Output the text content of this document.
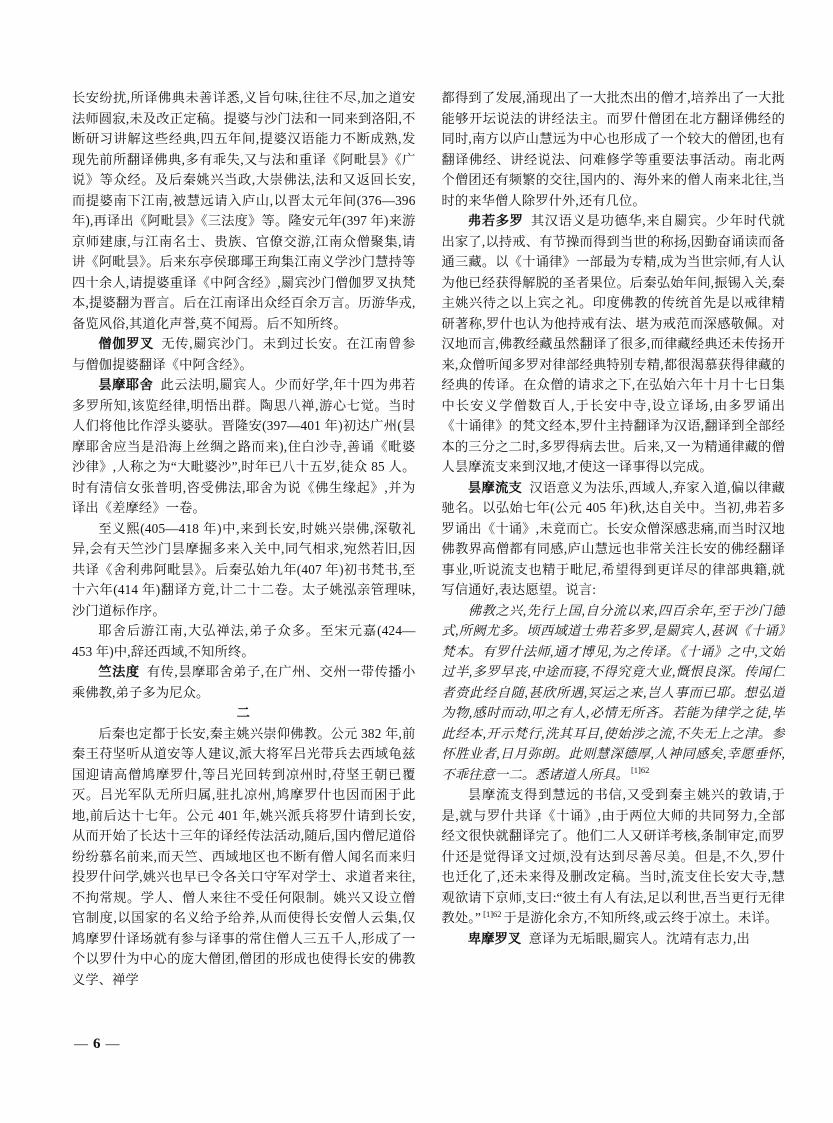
长安纷扰,所译佛典未善详悉,义旨句味,往往不尽,加之道安法师圆寂,未及改正定稿。提婆与沙门法和一同来到洛阳,不断研习讲解这些经典,四五年间,提婆汉语能力不断成熟,发现先前所翻译佛典,多有乖失,又与法和重译《阿毗昙》《广说》等众经。及后秦姚兴当政,大崇佛法,法和又返回长安,而提婆南下江南,被慧远请入庐山,以晋太元年间(376—396 年),再译出《阿毗昙》《三法度》等。隆安元年(397 年)来游京师建康,与江南名士、贵族、官僚交游,江南众僧聚集,请讲《阿毗昙》。后来东亭侯瑯瑘王珣集江南义学沙门慧持等四十余人,请提婆重译《中阿含经》,罽宾沙门僧伽罗叉执梵本,提婆翻为晋言。后在江南译出众经百余万言。历游华戎,备览风俗,其道化声誉,莫不闻焉。后不知所终。

僧伽罗叉 无传,罽宾沙门。未到过长安。在江南曾参与僧伽提婆翻译《中阿含经》。

昙摩耶舍 此云法明,罽宾人。少而好学,年十四为弗若多罗所知,该览经律,明悟出群。陶思八禅,游心七觉。当时人们将他比作浮头婆驮。晋隆安(397—401 年)初达广州(昙摩耶舍应当是沿海上丝绸之路而来),住白沙寺,善诵《毗婆沙律》,人称之为“大毗婆沙”,时年已八十五岁,徒众 85 人。时有清信女张普明,咨受佛法,耶舍为说《佛生缘起》,并为译出《差摩经》一卷。

至义熙(405—418 年)中,来到长安,时姚兴崇佛,深敬礼异,会有天竺沙门昙摩掘多来入关中,同气相求,宛然若旧,因共译《舍利弗阿毗昙》。后秦弘始九年(407 年)初书梵书,至十六年(414 年)翻译方竟,计二十二卷。太子姚泓亲管理味,沙门道标作序。

耶舍后游江南,大弘禅法,弟子众多。至宋元嘉(424—453 年)中,辞还西域,不知所终。

竺法度 有传,昙摩耶舍弟子,在广州、交州一带传播小乘佛教,弟子多为尼众。

二

后秦也定都于长安,秦主姚兴崇仰佛教。公元 382 年,前秦王苻坚听从道安等人建议,派大将军吕光带兵去西域龟兹国迎请高僧鸠摩罗什,等吕光回转到凉州时,苻坚王朝已覆灭。吕光军队无所归属,驻扎凉州,鸠摩罗什也因而困于此地,前后达十七年。公元 401 年,姚兴派兵将罗什请到长安,从而开始了长达十三年的译经传法活动,随后,国内僧尼道俗纷纷慕名前来,而天竺、西域地区也不断有僧人闻名而来归投罗什问学,姚兴也早已令各关口守军对学士、求道者来往,不拘常规。学人、僧人来往不受任何限制。姚兴又设立僧官制度,以国家的名义给予给养,从而使得长安僧人云集,仅鸠摩罗什译场就有参与译事的常住僧人三五千人,形成了一个以罗什为中心的庞大僧团,僧团的形成也使得长安的佛教义学、禅学

都得到了发展,涌现出了一大批杰出的僧才,培养出了一大批能够开坛说法的讲经法主。而罗什僧团在北方翻译佛经的同时,南方以庐山慧远为中心也形成了一个较大的僧团,也有翻译佛经、讲经说法、问难修学等重要法事活动。南北两个僧团还有频繁的交往,国内的、海外来的僧人南来北往,当时的来华僧人除罗什外,还有几位。

弗若多罗 其汉语义是功德华,来自罽宾。少年时代就出家了,以持戒、有节操而得到当世的称扬,因勤奋诵读而备通三藏。以《十诵律》一部最为专精,成为当世宗师,有人认为他已经获得解脱的圣者果位。后秦弘始年间,振锡入关,秦主姚兴待之以上宾之礼。印度佛教的传统首先是以戒律精研著称,罗什也认为他持戒有法、堪为戒范而深感敬佩。对汉地而言,佛教经藏虽然翻译了很多,而律藏经典还未传扬开来,众僧听闻多罗对律部经典特别专精,都很渴慕获得律藏的经典的传译。在众僧的请求之下,在弘始六年十月十七日集中长安义学僧数百人,于长安中寺,设立译场,由多罗诵出《十诵律》的梵文经本,罗什主持翻译为汉语,翻译到全部经本的三分之二时,多罗得病去世。后来,又一为精通律藏的僧人昙摩流支来到汉地,才使这一译事得以完成。

昙摩流支 汉语意义为法乐,西域人,弃家入道,偏以律藏驰名。以弘始七年(公元 405 年)秋,达自关中。当初,弗若多罗诵出《十诵》,未竟而亡。长安众僧深感悲痛,而当时汉地佛教界高僧都有同感,庐山慧远也非常关注长安的佛经翻译事业,听说流支也精于毗尼,希望得到更详尽的律部典籍,就写信通好,表达愿望。说言:

佛教之兴,先行上国,自分流以来,四百余年,至于沙门德式,所阙尤多。顷西域道士弗若多罗,是罽宾人,甚讽《十诵》梵本。有罗什法师,通才博见,为之传译。《十诵》之中,文始过半,多罗早丧,中途而寝,不得究竟大业,慨恨良深。传闻仁者赍此经自随,甚欣所遇,冥运之来,岂人事而已耶。想弘道为物,感时而动,叩之有人,必情无所吝。若能为律学之徒,毕此经本,开示梵行,洗其耳目,使始涉之流,不失无上之津。参怀胜业者,日月弥朗。此则慧深德厚,人神同感矣,幸愿垂怀,不乖往意一二。悉诸道人所具。 $^{[1]62}$

昙摩流支得到慧远的书信,又受到秦主姚兴的敦请,于是,就与罗什共译《十诵》,由于两位大师的共同努力,全部经文很快就翻译完了。他们二人又研详考核,条制审定,而罗什还是觉得译文过烦,没有达到尽善尽美。但是,不久,罗什也迁化了,还未来得及删改定稿。当时,流支住长安大寺,慧观欲请下京师,支曰:“彼土有人有法,足以利世,吾当更行无律教处。” $^{[1]62}$ 于是游化余方,不知所终,或云终于凉土。未详。

卑摩罗叉 意译为无垢眼,罽宾人。沈靖有志力,出

— 6 —
